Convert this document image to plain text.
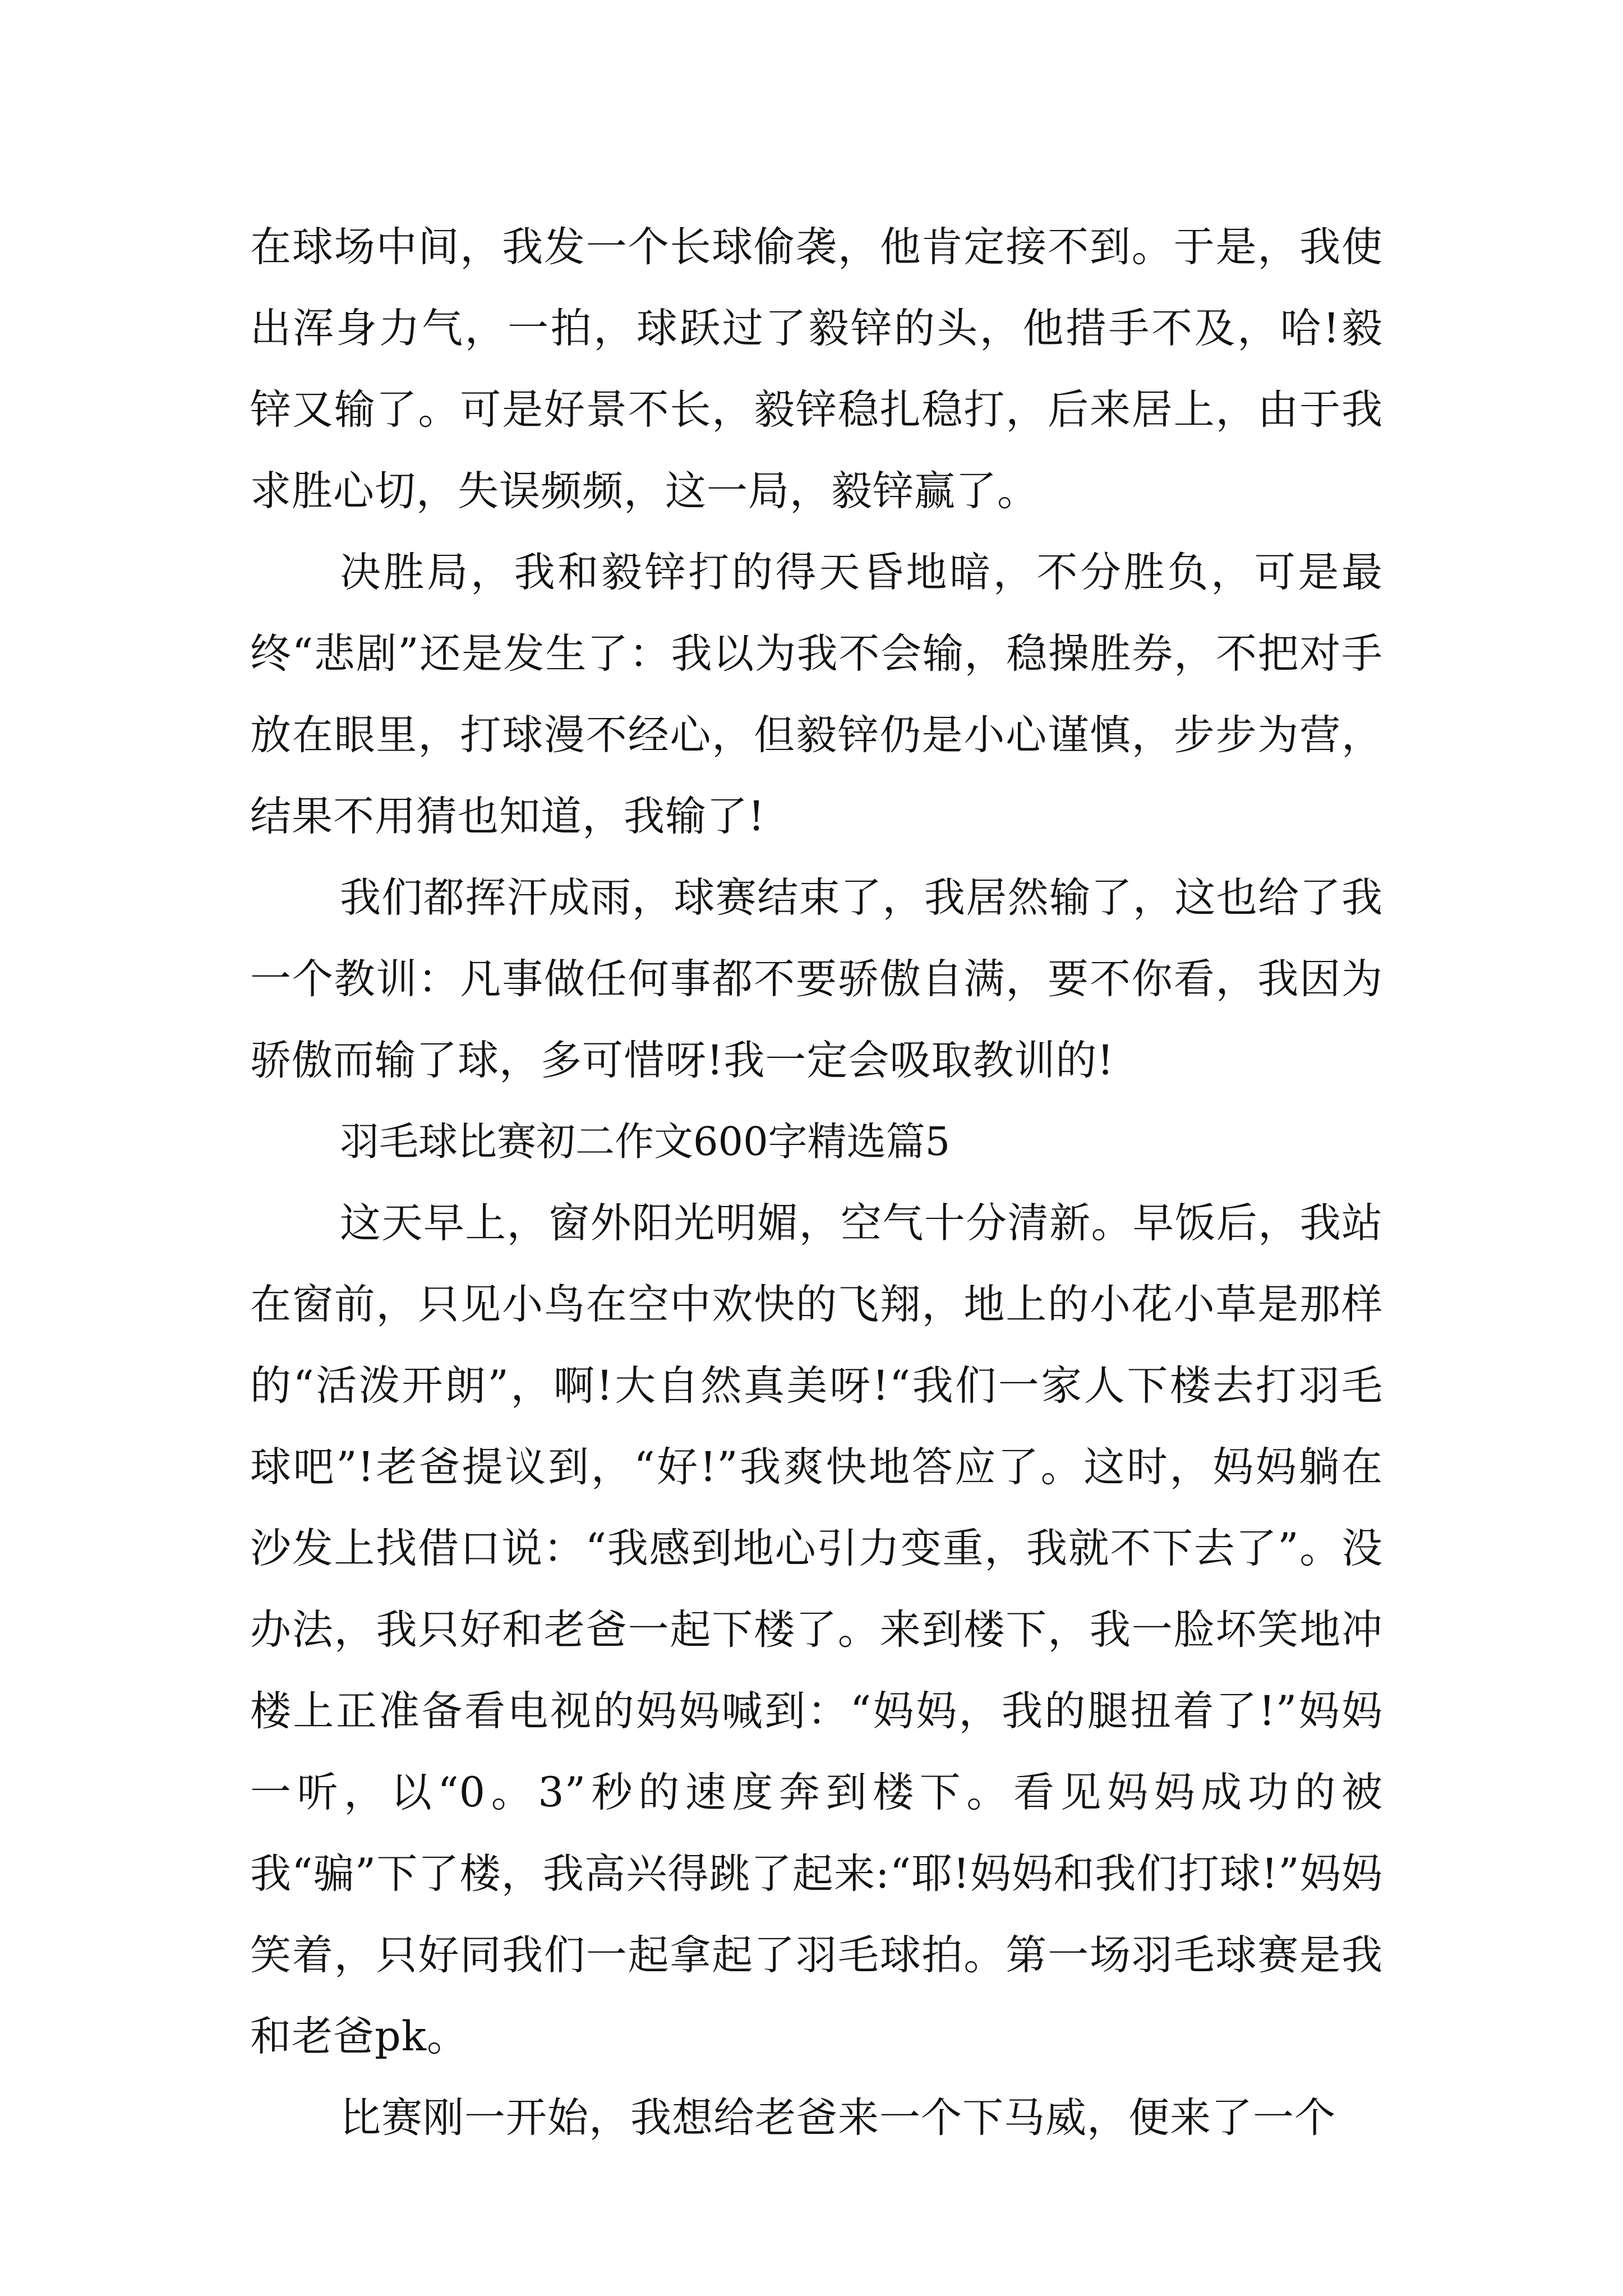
在球场中间，我发一个长球偷袭，他肯定接不到。于是，我使出浑身力气，一拍，球跃过了毅锌的头，他措手不及，哈!毅锌又输了。可是好景不长，毅锌稳扎稳打，后来居上，由于我求胜心切，失误频频，这一局，毅锌赢了。

决胜局，我和毅锌打的得天昏地暗，不分胜负，可是最终“悲剧”还是发生了：我以为我不会输，稳操胜券，不把对手放在眼里，打球漫不经心，但毅锌仍是小心谨慎，步步为营，结果不用猜也知道，我输了!

我们都挥汗成雨，球赛结束了，我居然输了，这也给了我一个教训：凡事做任何事都不要骄傲自满，要不你看，我因为骄傲而输了球，多可惜呀!我一定会吸取教训的!

羽毛球比赛初二作文600字精选篇5

这天早上，窗外阳光明媚，空气十分清新。早饭后，我站在窗前，只见小鸟在空中欢快的飞翔，地上的小花小草是那样的“活泼开朗”，啊!大自然真美呀!“我们一家人下楼去打羽毛球吧”!老爸提议到，“好!”我爽快地答应了。这时，妈妈躺在沙发上找借口说：“我感到地心引力变重，我就不下去了”。没办法，我只好和老爸一起下楼了。来到楼下，我一脸坏笑地冲楼上正准备看电视的妈妈喊到：“妈妈，我的腿扭着了!”妈妈一听，以“0。3”秒的速度奔到楼下。看见妈妈成功的被我“骗”下了楼，我高兴得跳了起来:“耶!妈妈和我们打球!”妈妈笑着，只好同我们一起拿起了羽毛球拍。第一场羽毛球赛是我和老爸pk。

比赛刚一开始，我想给老爸来一个下马威，便来了一个
